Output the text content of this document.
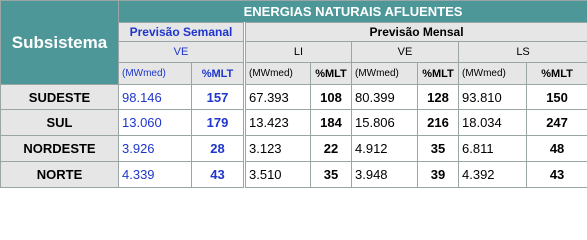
Subsistema	ENERGIAS NATURAIS AFLUENTES							
	Previsão Semanal		Previsão Mensal					
	VE		LI		VE		LS	
	(MWmed)	%MLT	(MWmed)	%MLT	(MWmed)	%MLT	(MWmed)	%MLT
SUDESTE	98.146	157	67.393	108	80.399	128	93.810	150
SUL	13.060	179	13.423	184	15.806	216	18.034	247
NORDESTE	3.926	28	3.123	22	4.912	35	6.811	48
NORTE	4.339	43	3.510	35	3.948	39	4.392	43
